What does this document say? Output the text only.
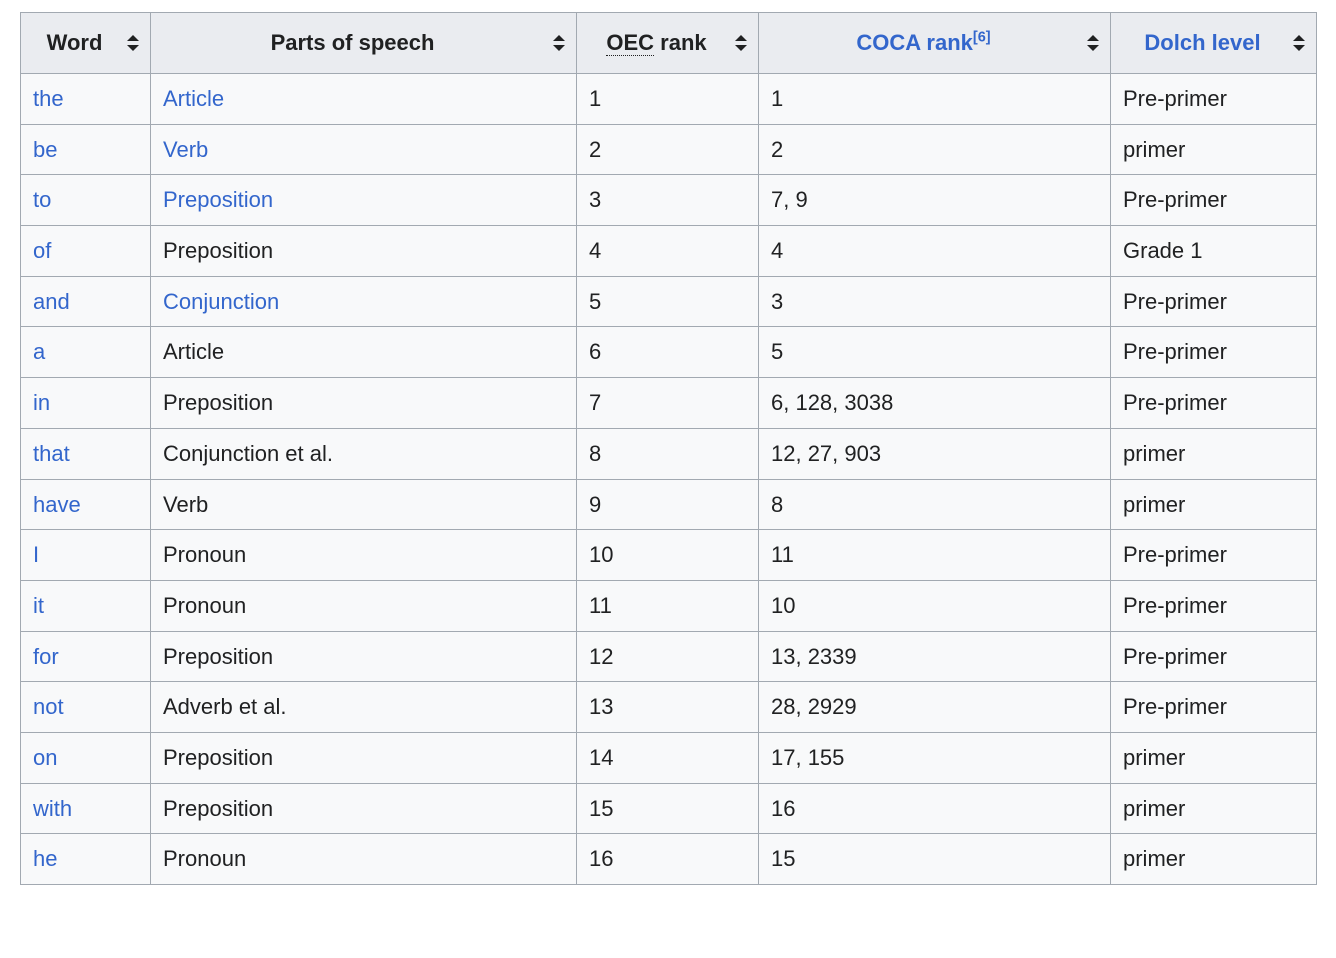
Word	Parts of speech	OEC rank	COCA rank[6]	Dolch level

the	Article	1	1	Pre-primer
be	Verb	2	2	primer
to	Preposition	3	7, 9	Pre-primer
of	Preposition	4	4	Grade 1
and	Conjunction	5	3	Pre-primer
a	Article	6	5	Pre-primer
in	Preposition	7	6, 128, 3038	Pre-primer
that	Conjunction et al.	8	12, 27, 903	primer
have	Verb	9	8	primer
I	Pronoun	10	11	Pre-primer
it	Pronoun	11	10	Pre-primer
for	Preposition	12	13, 2339	Pre-primer
not	Adverb et al.	13	28, 2929	Pre-primer
on	Preposition	14	17, 155	primer
with	Preposition	15	16	primer
he	Pronoun	16	15	primer
